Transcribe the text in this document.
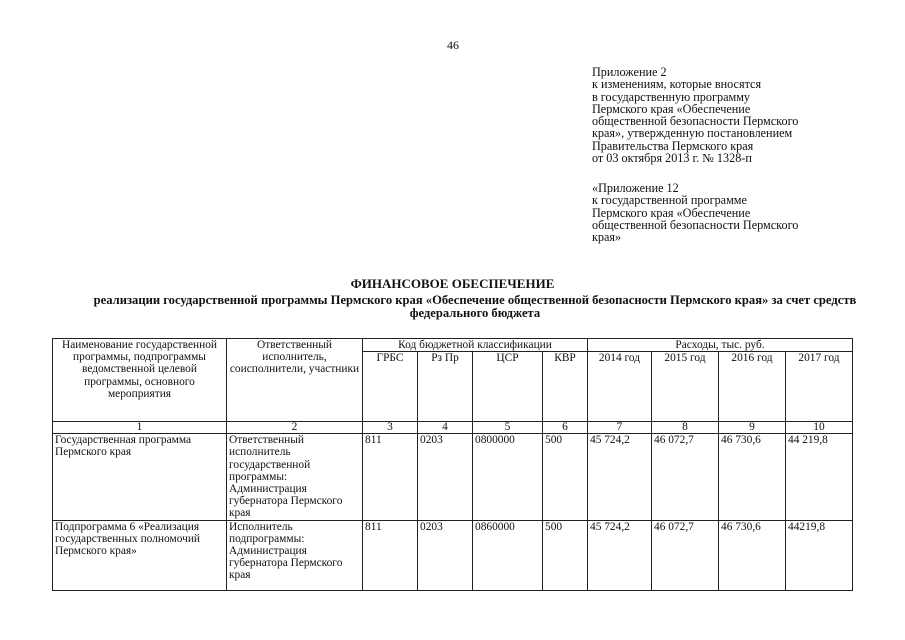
46
Приложение 2
к изменениям, которые вносятся
в государственную программу
Пермского края «Обеспечение
общественной безопасности Пермского
края», утвержденную постановлением
Правительства Пермского края
от 03 октября 2013 г. № 1328-п
«Приложение 12
к государственной программе
Пермского края «Обеспечение
общественной безопасности Пермского
края»
ФИНАНСОВОЕ ОБЕСПЕЧЕНИЕ
реализации государственной программы Пермского края «Обеспечение общественной безопасности Пермского края» за счет средств федерального бюджета
Наименование государственной программы, подпрограммы ведомственной целевой программы, основного мероприятия	Ответственный исполнитель, соисполнители, участники	Код бюджетной классификации				Расходы, тыс. руб.			
		ГРБС	Рз Пр	ЦСР	КВР	2014 год	2015 год	2016 год	2017 год
1	2	3	4	5	6	7	8	9	10
Государственная программа Пермского края	Ответственный исполнитель государственной программы: Администрация губернатора Пермского края	811	0203	0800000	500	45 724,2	46 072,7	46 730,6	44 219,8
Подпрограмма 6 «Реализация государственных полномочий Пермского края»	Исполнитель подпрограммы: Администрация губернатора Пермского края	811	0203	0860000	500	45 724,2	46 072,7	46 730,6	44219,8
